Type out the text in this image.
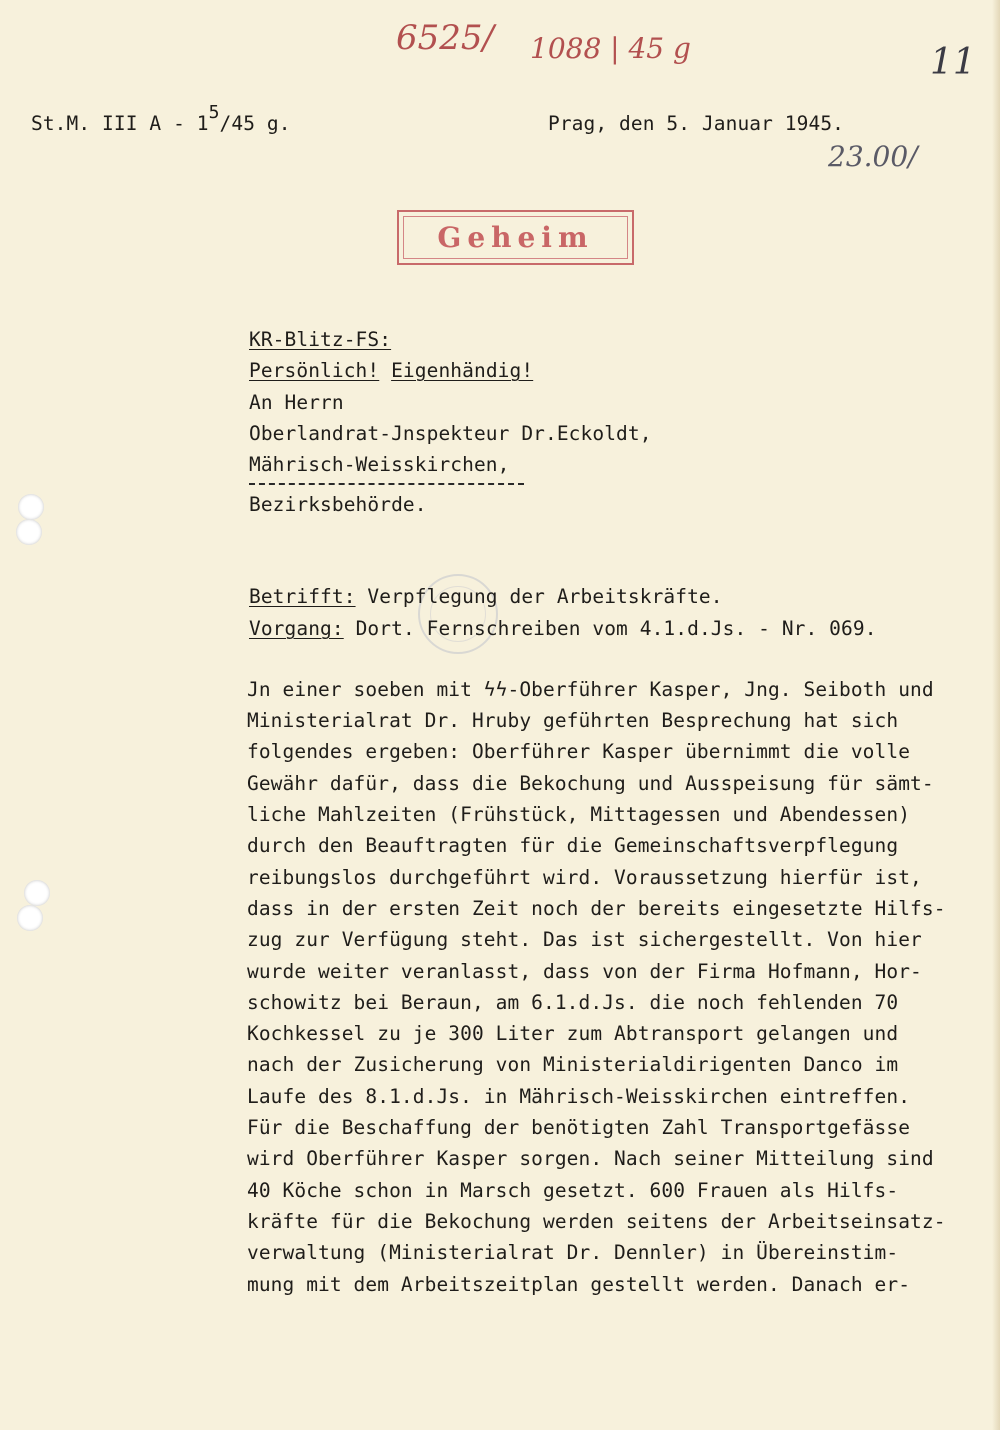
6525/ 1088 | 45 g	11
23.00/
St.M. III A - 15/45 g.	Prag, den 5. Januar 1945.
Geheim
KR-Blitz-FS:
Persönlich! Eigenhändig!
An Herrn
Oberlandrat-Jnspekteur Dr.Eckoldt,
Mährisch-Weisskirchen,
Bezirksbehörde.
Betrifft: Verpflegung der Arbeitskräfte.
Vorgang: Dort. Fernschreiben vom 4.1.d.Js. - Nr. 069.
Jn einer soeben mit ϟϟ-Oberführer Kasper, Jng. Seiboth und
Ministerialrat Dr. Hruby geführten Besprechung hat sich
folgendes ergeben: Oberführer Kasper übernimmt die volle
Gewähr dafür, dass die Bekochung und Ausspeisung für sämt-
liche Mahlzeiten (Frühstück, Mittagessen und Abendessen)
durch den Beauftragten für die Gemeinschaftsverpflegung
reibungslos durchgeführt wird. Voraussetzung hierfür ist,
dass in der ersten Zeit noch der bereits eingesetzte Hilfs-
zug zur Verfügung steht. Das ist sichergestellt. Von hier
wurde weiter veranlasst, dass von der Firma Hofmann, Hor-
schowitz bei Beraun, am 6.1.d.Js. die noch fehlenden 70
Kochkessel zu je 300 Liter zum Abtransport gelangen und
nach der Zusicherung von Ministerialdirigenten Danco im
Laufe des 8.1.d.Js. in Mährisch-Weisskirchen eintreffen.
Für die Beschaffung der benötigten Zahl Transportgefässe
wird Oberführer Kasper sorgen. Nach seiner Mitteilung sind
40 Köche schon in Marsch gesetzt. 600 Frauen als Hilfs-
kräfte für die Bekochung werden seitens der Arbeitseinsatz-
verwaltung (Ministerialrat Dr. Dennler) in Übereinstim-
mung mit dem Arbeitszeitplan gestellt werden. Danach er-
